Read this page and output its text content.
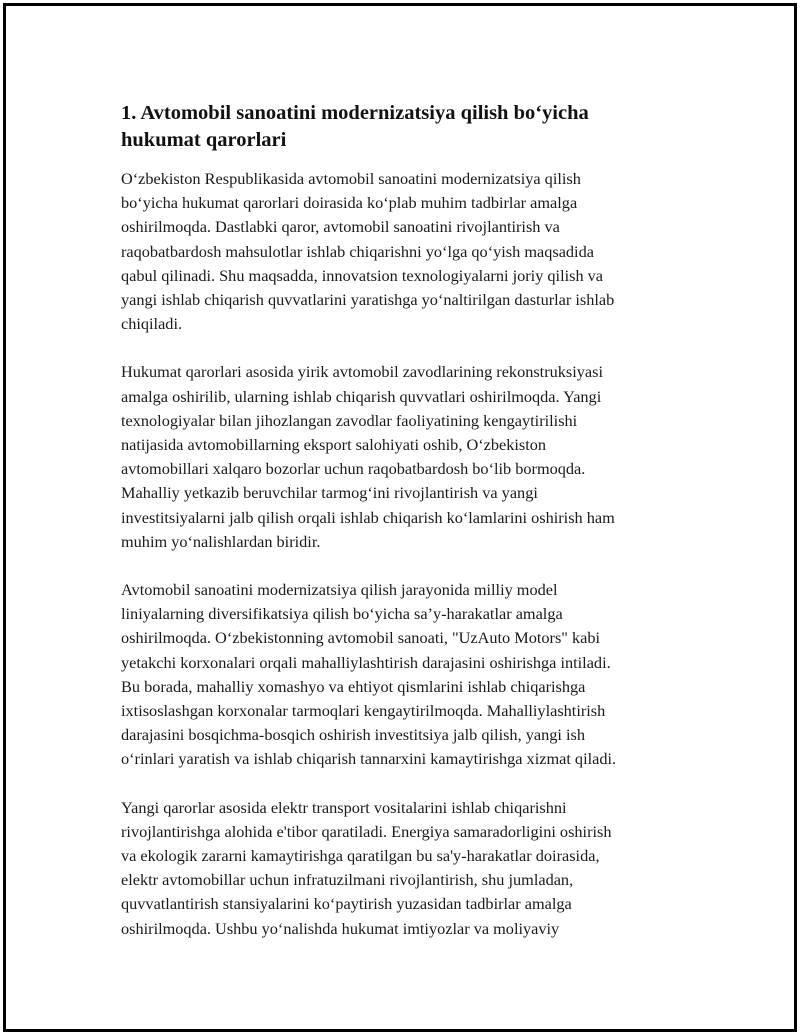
1. Avtomobil sanoatini modernizatsiya qilish bo‘yicha
hukumat qarorlari

O‘zbekiston Respublikasida avtomobil sanoatini modernizatsiya qilish
bo‘yicha hukumat qarorlari doirasida ko‘plab muhim tadbirlar amalga
oshirilmoqda. Dastlabki qaror, avtomobil sanoatini rivojlantirish va
raqobatbardosh mahsulotlar ishlab chiqarishni yo‘lga qo‘yish maqsadida
qabul qilinadi. Shu maqsadda, innovatsion texnologiyalarni joriy qilish va
yangi ishlab chiqarish quvvatlarini yaratishga yo‘naltirilgan dasturlar ishlab
chiqiladi.

Hukumat qarorlari asosida yirik avtomobil zavodlarining rekonstruksiyasi
amalga oshirilib, ularning ishlab chiqarish quvvatlari oshirilmoqda. Yangi
texnologiyalar bilan jihozlangan zavodlar faoliyatining kengaytirilishi
natijasida avtomobillarning eksport salohiyati oshib, O‘zbekiston
avtomobillari xalqaro bozorlar uchun raqobatbardosh bo‘lib bormoqda.
Mahalliy yetkazib beruvchilar tarmog‘ini rivojlantirish va yangi
investitsiyalarni jalb qilish orqali ishlab chiqarish ko‘lamlarini oshirish ham
muhim yo‘nalishlardan biridir.

Avtomobil sanoatini modernizatsiya qilish jarayonida milliy model
liniyalarning diversifikatsiya qilish bo‘yicha sa’y-harakatlar amalga
oshirilmoqda. O‘zbekistonning avtomobil sanoati, "UzAuto Motors" kabi
yetakchi korxonalari orqali mahalliylashtirish darajasini oshirishga intiladi.
Bu borada, mahalliy xomashyo va ehtiyot qismlarini ishlab chiqarishga
ixtisoslashgan korxonalar tarmoqlari kengaytirilmoqda. Mahalliylashtirish
darajasini bosqichma-bosqich oshirish investitsiya jalb qilish, yangi ish
o‘rinlari yaratish va ishlab chiqarish tannarxini kamaytirishga xizmat qiladi.

Yangi qarorlar asosida elektr transport vositalarini ishlab chiqarishni
rivojlantirishga alohida e'tibor qaratiladi. Energiya samaradorligini oshirish
va ekologik zararni kamaytirishga qaratilgan bu sa'y-harakatlar doirasida,
elektr avtomobillar uchun infratuzilmani rivojlantirish, shu jumladan,
quvvatlantirish stansiyalarini ko‘paytirish yuzasidan tadbirlar amalga
oshirilmoqda. Ushbu yo‘nalishda hukumat imtiyozlar va moliyaviy
